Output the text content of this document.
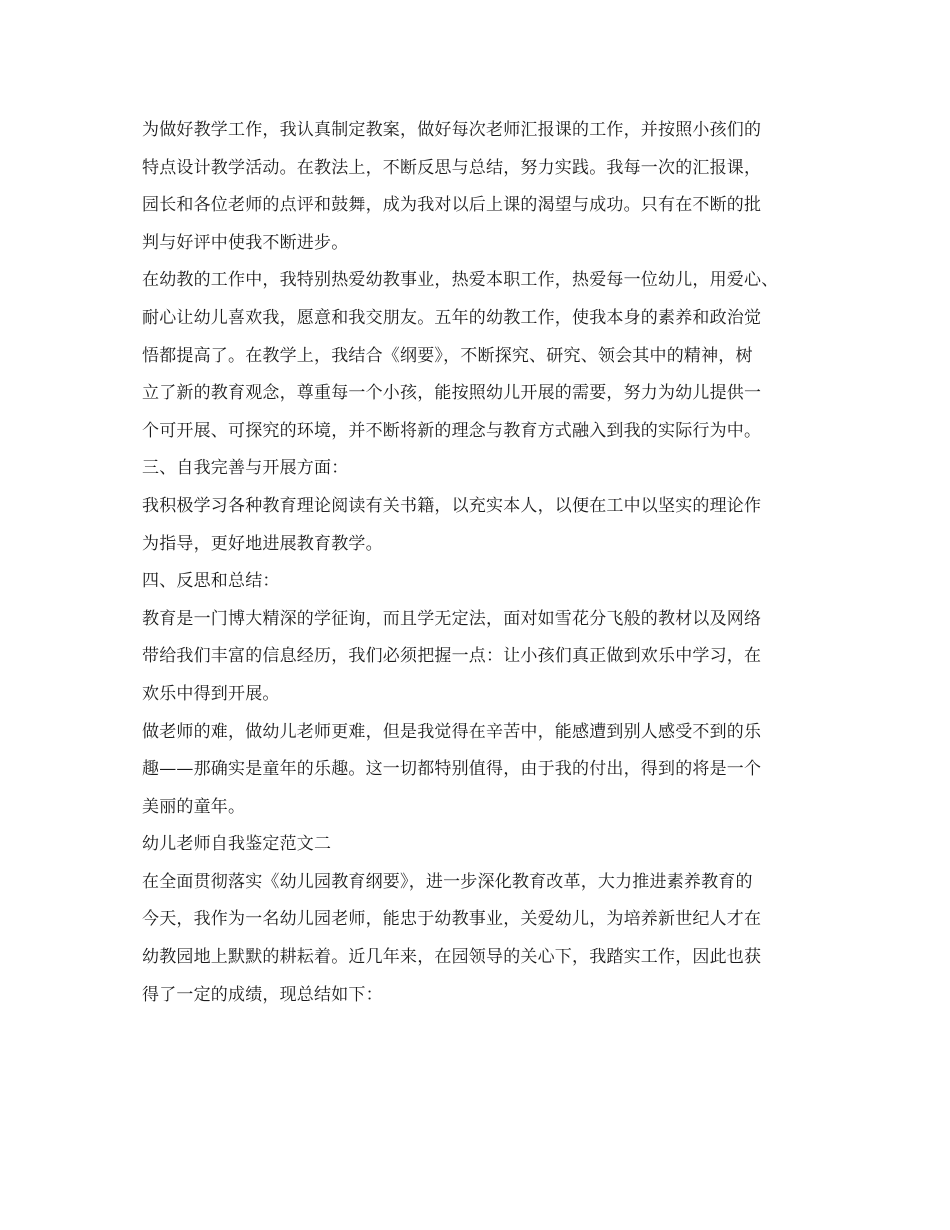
为做好教学工作，我认真制定教案，做好每次老师汇报课的工作，并按照小孩们的
特点设计教学活动。在教法上，不断反思与总结，努力实践。我每一次的汇报课，
园长和各位老师的点评和鼓舞，成为我对以后上课的渴望与成功。只有在不断的批
判与好评中使我不断进步。
在幼教的工作中，我特别热爱幼教事业，热爱本职工作，热爱每一位幼儿，用爱心、
耐心让幼儿喜欢我，愿意和我交朋友。五年的幼教工作，使我本身的素养和政治觉
悟都提高了。在教学上，我结合《纲要》，不断探究、研究、领会其中的精神，树
立了新的教育观念，尊重每一个小孩，能按照幼儿开展的需要，努力为幼儿提供一
个可开展、可探究的环境，并不断将新的理念与教育方式融入到我的实际行为中。
三、自我完善与开展方面：
我积极学习各种教育理论阅读有关书籍，以充实本人，以便在工中以坚实的理论作
为指导，更好地进展教育教学。
四、反思和总结：
教育是一门博大精深的学征询，而且学无定法，面对如雪花分飞般的教材以及网络
带给我们丰富的信息经历，我们必须把握一点：让小孩们真正做到欢乐中学习，在
欢乐中得到开展。
做老师的难，做幼儿老师更难，但是我觉得在辛苦中，能感遭到别人感受不到的乐
趣——那确实是童年的乐趣。这一切都特别值得，由于我的付出，得到的将是一个
美丽的童年。
幼儿老师自我鉴定范文二
在全面贯彻落实《幼儿园教育纲要》，进一步深化教育改革，大力推进素养教育的
今天，我作为一名幼儿园老师，能忠于幼教事业，关爱幼儿，为培养新世纪人才在
幼教园地上默默的耕耘着。近几年来，在园领导的关心下，我踏实工作，因此也获
得了一定的成绩，现总结如下：
